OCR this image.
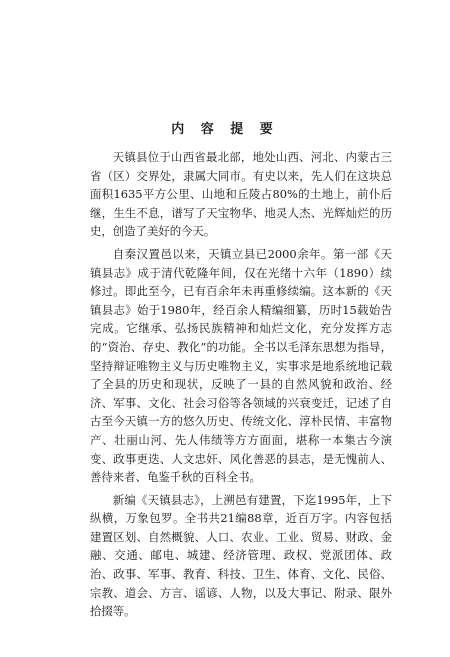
内 容 提 要

天镇县位于山西省最北部，地处山西、河北、内蒙古三省（区）交界处，隶属大同市。有史以来，先人们在这块总面积1635平方公里、山地和丘陵占80%的土地上，前仆后继，生生不息，谱写了天宝物华、地灵人杰、光辉灿烂的历史，创造了美好的今天。

自秦汉置邑以来，天镇立县已2000余年。第一部《天镇县志》成于清代乾隆年间，仅在光绪十六年（1890）续修过。即此至今，已有百余年未再重修续编。这本新的《天镇县志》始于1980年，经百余人精编细纂，历时15载始告完成。它继承、弘扬民族精神和灿烂文化，充分发挥方志的“资治、存史、教化”的功能。全书以毛泽东思想为指导，坚持辩证唯物主义与历史唯物主义，实事求是地系统地记载了全县的历史和现状，反映了一县的自然风貌和政治、经济、军事、文化、社会习俗等各领域的兴衰变迁，记述了自古至今天镇一方的悠久历史、传统文化、淳朴民情、丰富物产、壮丽山河、先人伟绩等方方面面，堪称一本集古今演变、政事更迭、人文忠奸、风化善恶的县志，是无愧前人、善待来者、龟鉴千秋的百科全书。

新编《天镇县志》，上溯邑有建置，下迄1995年，上下纵横，万象包罗。全书共21编88章，近百万字。内容包括建置区划、自然概貌、人口、农业、工业、贸易、财政、金融、交通、邮电、城建、经济管理、政权、党派团体、政治、政事、军事、教育、科技、卫生、体育、文化、民俗、宗教、道会、方言、谣谚、人物，以及大事记、附录、限外拾掇等。
